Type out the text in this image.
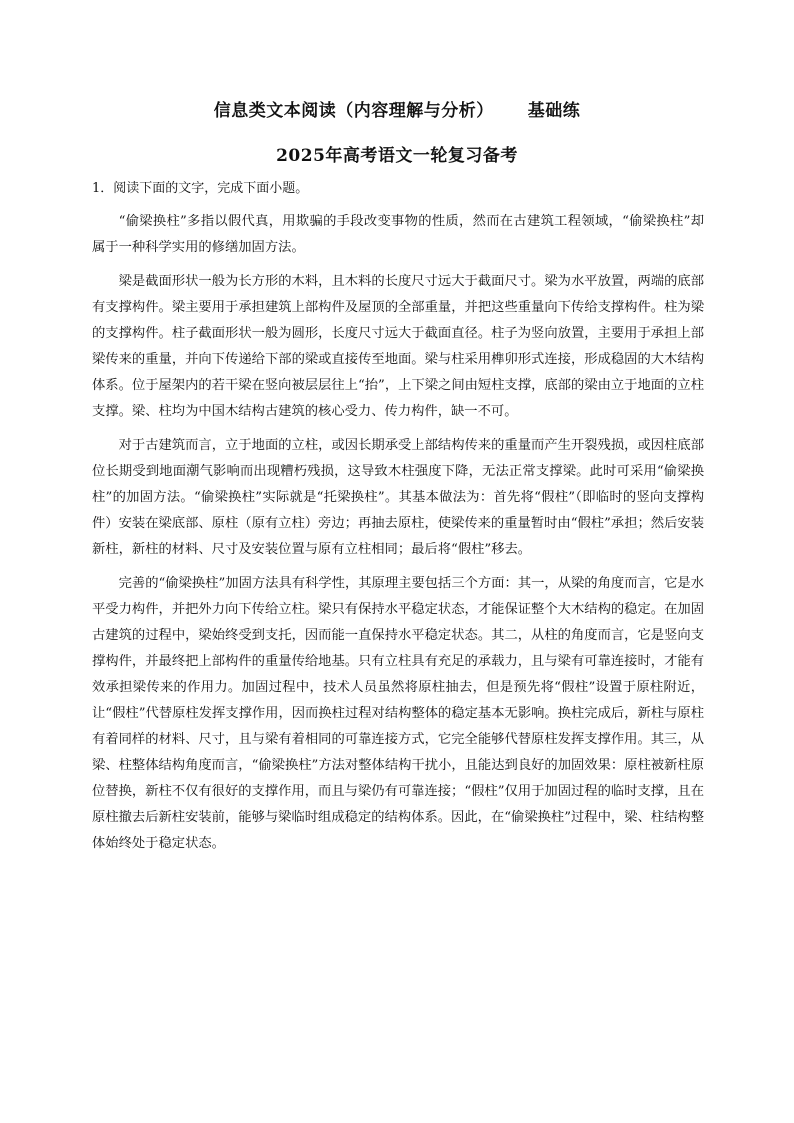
信息类文本阅读（内容理解与分析） 基础练
2025年高考语文一轮复习备考
1．阅读下面的文字，完成下面小题。

“偷梁换柱”多指以假代真，用欺骗的手段改变事物的性质，然而在古建筑工程领域，“偷梁换柱”却属于一种科学实用的修缮加固方法。

梁是截面形状一般为长方形的木料，且木料的长度尺寸远大于截面尺寸。梁为水平放置，两端的底部有支撑构件。梁主要用于承担建筑上部构件及屋顶的全部重量，并把这些重量向下传给支撑构件。柱为梁的支撑构件。柱子截面形状一般为圆形，长度尺寸远大于截面直径。柱子为竖向放置，主要用于承担上部梁传来的重量，并向下传递给下部的梁或直接传至地面。梁与柱采用榫卯形式连接，形成稳固的大木结构体系。位于屋架内的若干梁在竖向被层层往上“抬”，上下梁之间由短柱支撑，底部的梁由立于地面的立柱支撑。梁、柱均为中国木结构古建筑的核心受力、传力构件，缺一不可。

对于古建筑而言，立于地面的立柱，或因长期承受上部结构传来的重量而产生开裂残损，或因柱底部位长期受到地面潮气影响而出现糟朽残损，这导致木柱强度下降，无法正常支撑梁。此时可采用“偷梁换柱”的加固方法。“偷梁换柱”实际就是“托梁换柱”。其基本做法为：首先将“假柱”（即临时的竖向支撑构件）安装在梁底部、原柱（原有立柱）旁边；再抽去原柱，使梁传来的重量暂时由“假柱”承担；然后安装新柱，新柱的材料、尺寸及安装位置与原有立柱相同；最后将“假柱”移去。

完善的“偷梁换柱”加固方法具有科学性，其原理主要包括三个方面：其一，从梁的角度而言，它是水平受力构件，并把外力向下传给立柱。梁只有保持水平稳定状态，才能保证整个大木结构的稳定。在加固古建筑的过程中，梁始终受到支托，因而能一直保持水平稳定状态。其二，从柱的角度而言，它是竖向支撑构件，并最终把上部构件的重量传给地基。只有立柱具有充足的承载力，且与梁有可靠连接时，才能有效承担梁传来的作用力。加固过程中，技术人员虽然将原柱抽去，但是预先将“假柱”设置于原柱附近，让“假柱”代替原柱发挥支撑作用，因而换柱过程对结构整体的稳定基本无影响。换柱完成后，新柱与原柱有着同样的材料、尺寸，且与梁有着相同的可靠连接方式，它完全能够代替原柱发挥支撑作用。其三，从梁、柱整体结构角度而言，“偷梁换柱”方法对整体结构干扰小，且能达到良好的加固效果：原柱被新柱原位替换，新柱不仅有很好的支撑作用，而且与梁仍有可靠连接；“假柱”仅用于加固过程的临时支撑，且在原柱撤去后新柱安装前，能够与梁临时组成稳定的结构体系。因此，在“偷梁换柱”过程中，梁、柱结构整体始终处于稳定状态。
